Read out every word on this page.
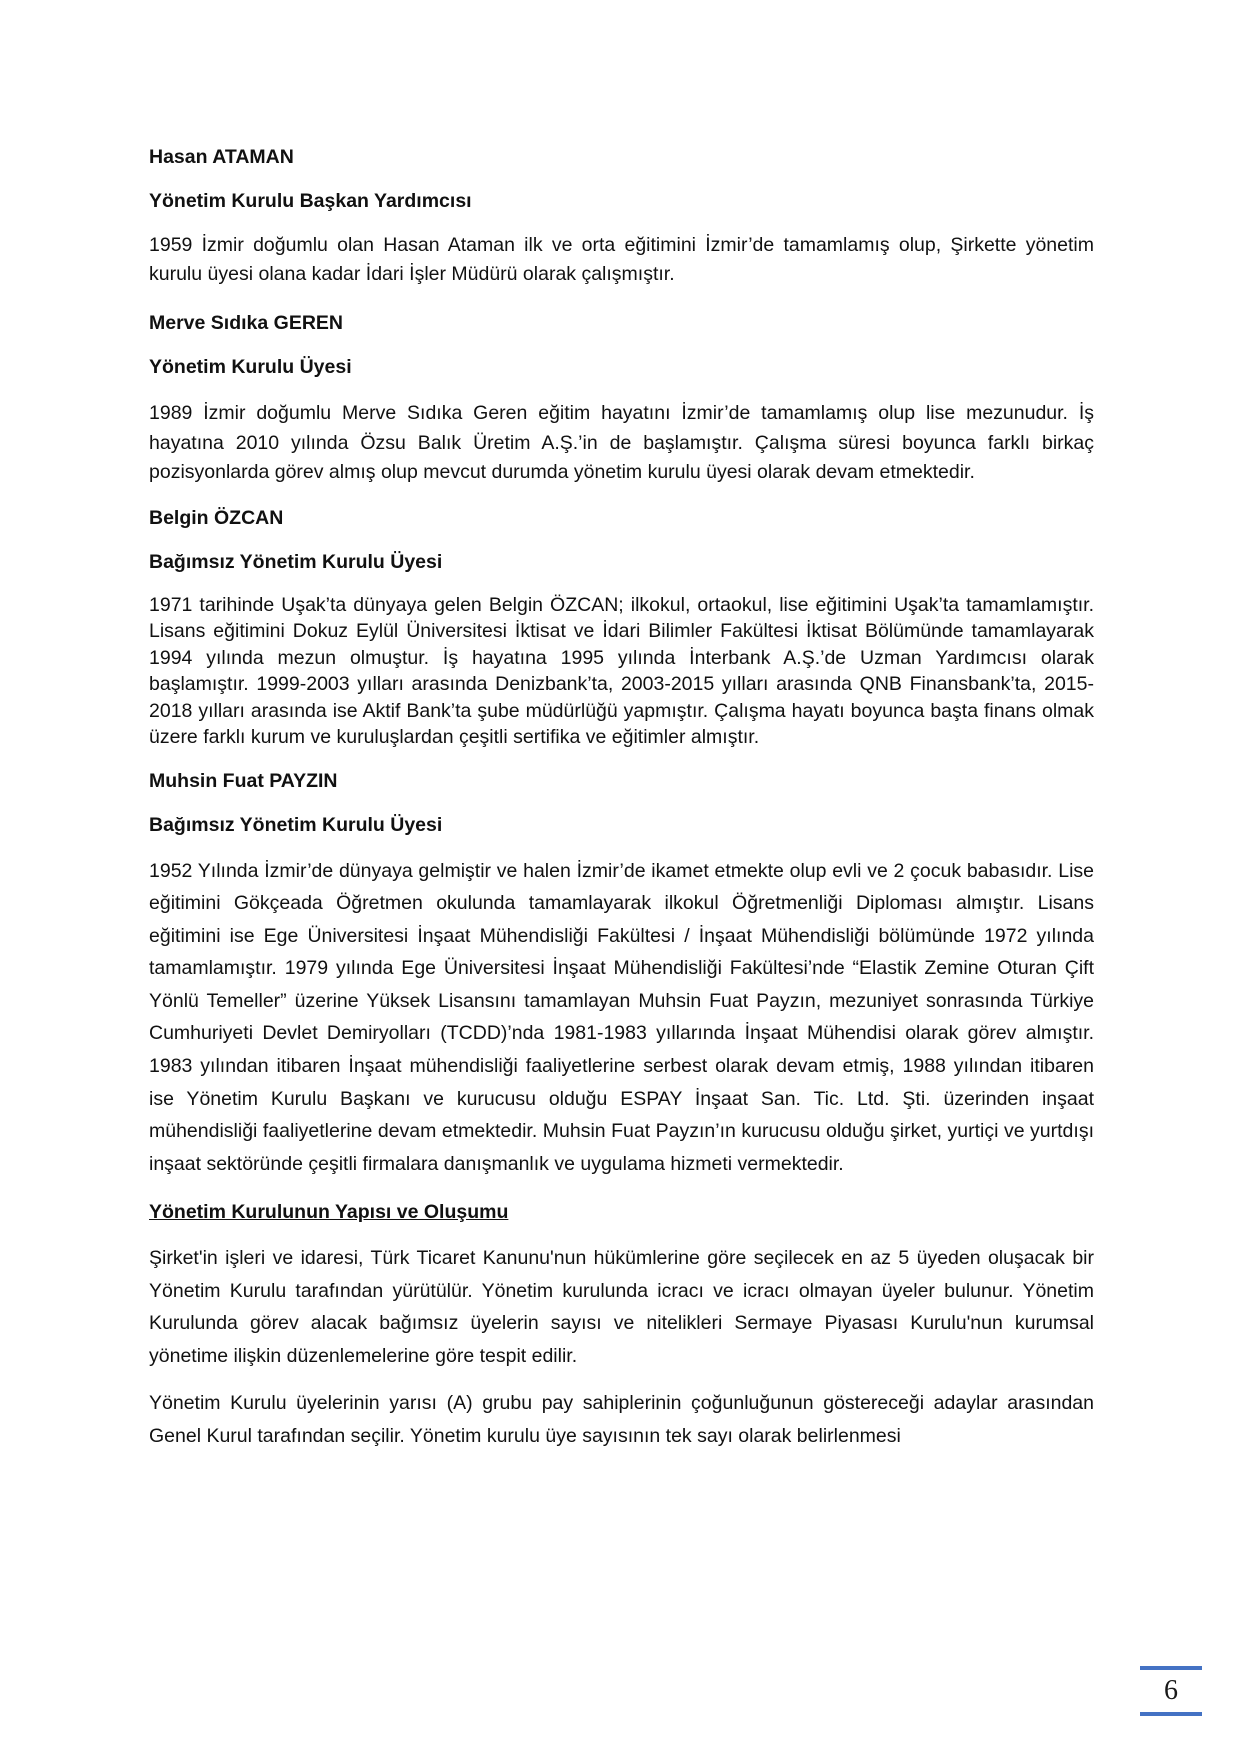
Hasan ATAMAN

Yönetim Kurulu Başkan Yardımcısı

1959 İzmir doğumlu olan Hasan Ataman ilk ve orta eğitimini İzmir’de tamamlamış olup, Şirkette yönetim kurulu üyesi olana kadar İdari İşler Müdürü olarak çalışmıştır.

Merve Sıdıka GEREN

Yönetim Kurulu Üyesi

1989 İzmir doğumlu Merve Sıdıka Geren eğitim hayatını İzmir’de tamamlamış olup lise mezunudur. İş hayatına 2010 yılında Özsu Balık Üretim A.Ş.’in de başlamıştır. Çalışma süresi boyunca farklı birkaç pozisyonlarda görev almış olup mevcut durumda yönetim kurulu üyesi olarak devam etmektedir.

Belgin ÖZCAN

Bağımsız Yönetim Kurulu Üyesi

1971 tarihinde Uşak’ta dünyaya gelen Belgin ÖZCAN; ilkokul, ortaokul, lise eğitimini Uşak’ta tamamlamıştır. Lisans eğitimini Dokuz Eylül Üniversitesi İktisat ve İdari Bilimler Fakültesi İktisat Bölümünde tamamlayarak 1994 yılında mezun olmuştur. İş hayatına 1995 yılında İnterbank A.Ş.’de Uzman Yardımcısı olarak başlamıştır. 1999-2003 yılları arasında Denizbank’ta, 2003-2015 yılları arasında QNB Finansbank’ta, 2015-2018 yılları arasında ise Aktif Bank’ta şube müdürlüğü yapmıştır. Çalışma hayatı boyunca başta finans olmak üzere farklı kurum ve kuruluşlardan çeşitli sertifika ve eğitimler almıştır.

Muhsin Fuat PAYZIN

Bağımsız Yönetim Kurulu Üyesi

1952 Yılında İzmir’de dünyaya gelmiştir ve halen İzmir’de ikamet etmekte olup evli ve 2 çocuk babasıdır. Lise eğitimini Gökçeada Öğretmen okulunda tamamlayarak ilkokul Öğretmenliği Diploması almıştır. Lisans eğitimini ise Ege Üniversitesi İnşaat Mühendisliği Fakültesi / İnşaat Mühendisliği bölümünde 1972 yılında tamamlamıştır. 1979 yılında Ege Üniversitesi İnşaat Mühendisliği Fakültesi’nde “Elastik Zemine Oturan Çift Yönlü Temeller” üzerine Yüksek Lisansını tamamlayan Muhsin Fuat Payzın, mezuniyet sonrasında Türkiye Cumhuriyeti Devlet Demiryolları (TCDD)’nda 1981-1983 yıllarında İnşaat Mühendisi olarak görev almıştır. 1983 yılından itibaren İnşaat mühendisliği faaliyetlerine serbest olarak devam etmiş, 1988 yılından itibaren ise Yönetim Kurulu Başkanı ve kurucusu olduğu ESPAY İnşaat San. Tic. Ltd. Şti. üzerinden inşaat mühendisliği faaliyetlerine devam etmektedir. Muhsin Fuat Payzın’ın kurucusu olduğu şirket, yurtiçi ve yurtdışı inşaat sektöründe çeşitli firmalara danışmanlık ve uygulama hizmeti vermektedir.

Yönetim Kurulunun Yapısı ve Oluşumu

Şirket'in işleri ve idaresi, Türk Ticaret Kanunu'nun hükümlerine göre seçilecek en az 5 üyeden oluşacak bir Yönetim Kurulu tarafından yürütülür. Yönetim kurulunda icracı ve icracı olmayan üyeler bulunur. Yönetim Kurulunda görev alacak bağımsız üyelerin sayısı ve nitelikleri Sermaye Piyasası Kurulu'nun kurumsal yönetime ilişkin düzenlemelerine göre tespit edilir.

Yönetim Kurulu üyelerinin yarısı (A) grubu pay sahiplerinin çoğunluğunun göstereceği adaylar arasından Genel Kurul tarafından seçilir. Yönetim kurulu üye sayısının tek sayı olarak belirlenmesi

6
